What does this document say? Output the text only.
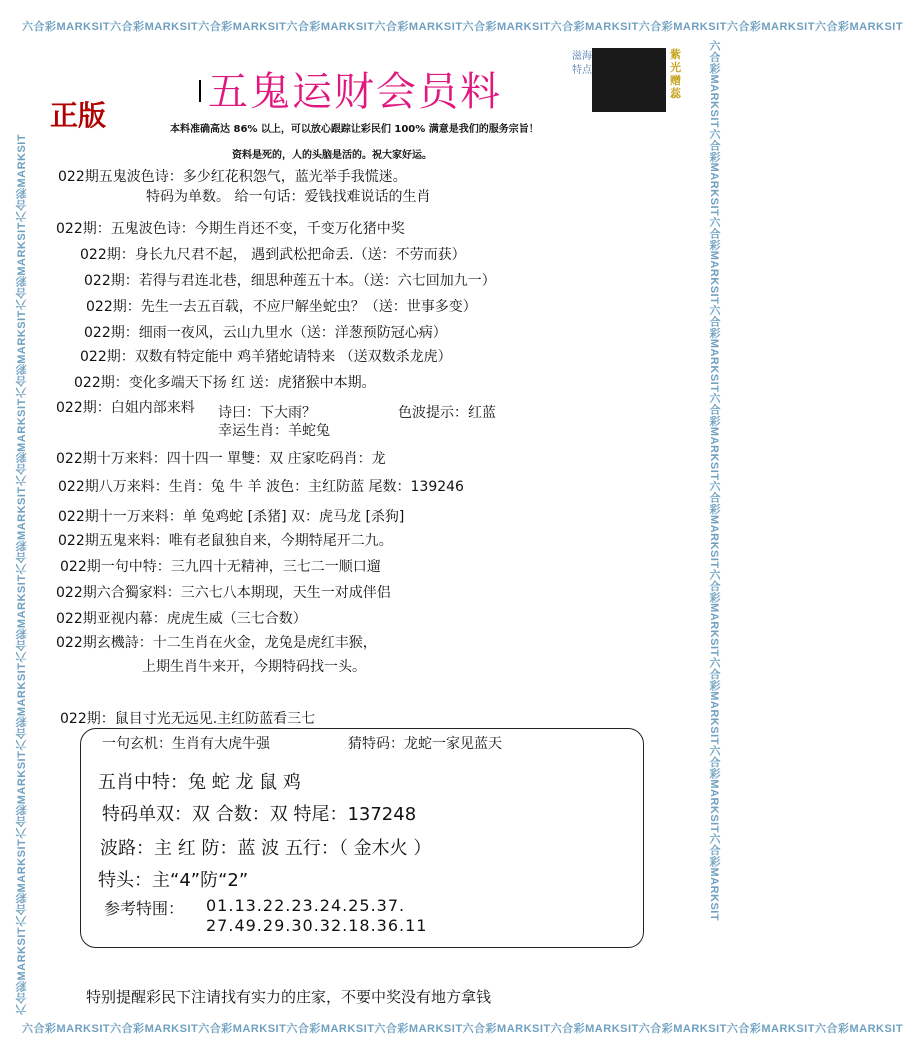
六合彩MARKSIT六合彩MARKSIT六合彩MARKSIT六合彩MARKSIT六合彩MARKSIT六合彩MARKSIT六合彩MARKSIT六合彩MARKSIT六合彩MARKSIT六合彩MARKSIT
六合彩MARKSIT六合彩MARKSIT六合彩MARKSIT六合彩MARKSIT六合彩MARKSIT六合彩MARKSIT六合彩MARKSIT六合彩MARKSIT六合彩MARKSIT六合彩MARKSIT
六合彩MARKSIT六合彩MARKSIT六合彩MARKSIT六合彩MARKSIT六合彩MARKSIT六合彩MARKSIT六合彩MARKSIT六合彩MARKSIT六合彩MARKSIT六合彩MARKSIT	六合彩MARKSIT六合彩MARKSIT六合彩MARKSIT六合彩MARKSIT六合彩MARKSIT六合彩MARKSIT六合彩MARKSIT六合彩MARKSIT六合彩MARKSIT六合彩MARKSIT
五鬼运财会员料
正版
滋海特点
紫光赠蕊
本料准确高达 86% 以上，可以放心跟踪让彩民们 100% 满意是我们的服务宗旨！
资料是死的，人的头脑是活的。祝大家好运。
022期五鬼波色诗：多少红花积怨气，蓝光举手我慌迷。
特码为单数。 给一句话：爱钱找难说话的生肖
022期：五鬼波色诗：今期生肖还不变，千变万化猪中奖
022期：身长九尺君不起， 遇到武松把命丢.（送：不劳而获）
022期：若得与君连北巷，细思种莲五十本。（送：六七回加九一）
022期：先生一去五百载，不应尸解坐蛇虫？（送：世事多变）
022期：细雨一夜风，云山九里水（送：洋葱预防冠心病）
022期：双数有特定能中 鸡羊猪蛇请特来 （送双数杀龙虎）
022期：变化多端天下扬 红 送：虎猪猴中本期。
022期：白姐内部来料 诗曰：下大雨？	色波提示：红蓝
幸运生肖：羊蛇兔
022期十万来料：四十四一 單雙：双 庄家吃码肖：龙
022期八万来料：生肖：兔 牛 羊 波色：主红防蓝 尾数：139246
022期十一万来料：单 兔鸡蛇 [杀猪] 双：虎马龙 [杀狗]
022期五鬼来料：唯有老鼠独自来，今期特尾开二九。
022期一句中特：三九四十无精神，三七二一顺口遛
022期六合獨家料：三六七八本期现，天生一对成伴侣
022期亚视内幕：虎虎生威（三七合数）
022期玄機詩：十二生肖在火金，龙兔是虎红丰猴，
上期生肖牛来开，今期特码找一头。
022期：鼠目寸光无远见.主红防蓝看三七
一句玄机：生肖有大虎牛强	猜特码：龙蛇一家见蓝天
五肖中特：兔 蛇 龙 鼠 鸡
特码单双：双 合数：双 特尾：137248
波路：主 红 防：蓝 波 五行：（ 金木火 ）
特头：主“4”防“2”
参考特围： 01.13.22.23.24.25.37.
27.49.29.30.32.18.36.11
特别提醒彩民下注请找有实力的庄家，不要中奖没有地方拿钱
